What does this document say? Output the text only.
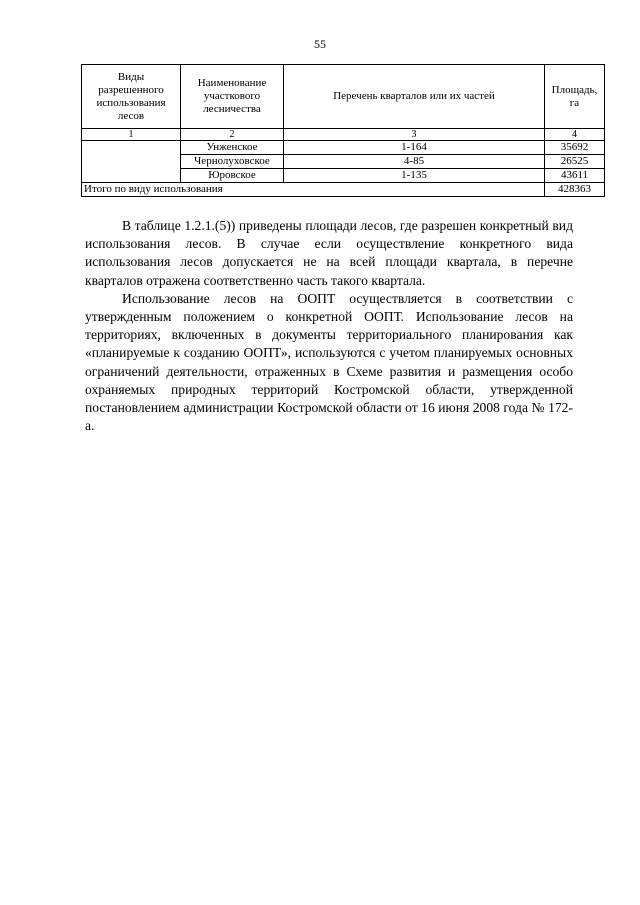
55
Виды разрешенного использования лесов	Наименование участкового лесничества	Перечень кварталов или их частей	Площадь, га
1	2	3	4
	Унженское	1-164	35692
	Чернолуховское	4-85	26525
	Юровское	1-135	43611
Итого по виду использования			428363

В таблице 1.2.1.(5)) приведены площади лесов, где разрешен конкретный вид использования лесов. В случае если осуществление конкретного вида использования лесов допускается не на всей площади квартала, в перечне кварталов отражена соответственно часть такого квартала.

Использование лесов на ООПТ осуществляется в соответствии с утвержденным положением о конкретной ООПТ. Использование лесов на территориях, включенных в документы территориального планирования как «планируемые к созданию ООПТ», используются с учетом планируемых основных ограничений деятельности, отраженных в Схеме развития и размещения особо охраняемых природных территорий Костромской области, утвержденной постановлением администрации Костромской области от 16 июня 2008 года № 172-а.
